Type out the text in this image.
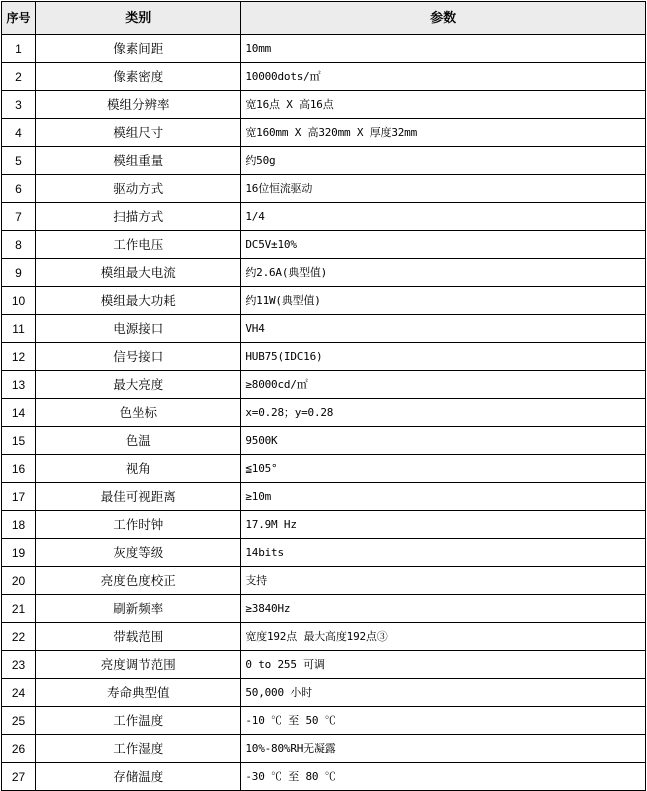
序号	类别	参数
1	像素间距	10mm
2	像素密度	10000dots/㎡
3	模组分辨率	宽16点 X 高16点
4	模组尺寸	宽160mm X 高320mm X 厚度32mm
5	模组重量	约50g
6	驱动方式	16位恒流驱动
7	扫描方式	1/4
8	工作电压	DC5V±10%
9	模组最大电流	约2.6A(典型值)
10	模组最大功耗	约11W(典型值)
11	电源接口	VH4
12	信号接口	HUB75(IDC16)
13	最大亮度	≥8000cd/㎡
14	色坐标	x=0.28；y=0.28
15	色温	9500K
16	视角	≦105°
17	最佳可视距离	≥10m
18	工作时钟	17.9M Hz
19	灰度等级	14bits
20	亮度色度校正	支持
21	刷新频率	≥3840Hz
22	带载范围	宽度192点 最大高度192点③
23	亮度调节范围	0 to 255 可调
24	寿命典型值	50,000 小时
25	工作温度	-10 ℃ 至 50 ℃
26	工作湿度	10%-80%RH无凝露
27	存储温度	-30 ℃ 至 80 ℃
